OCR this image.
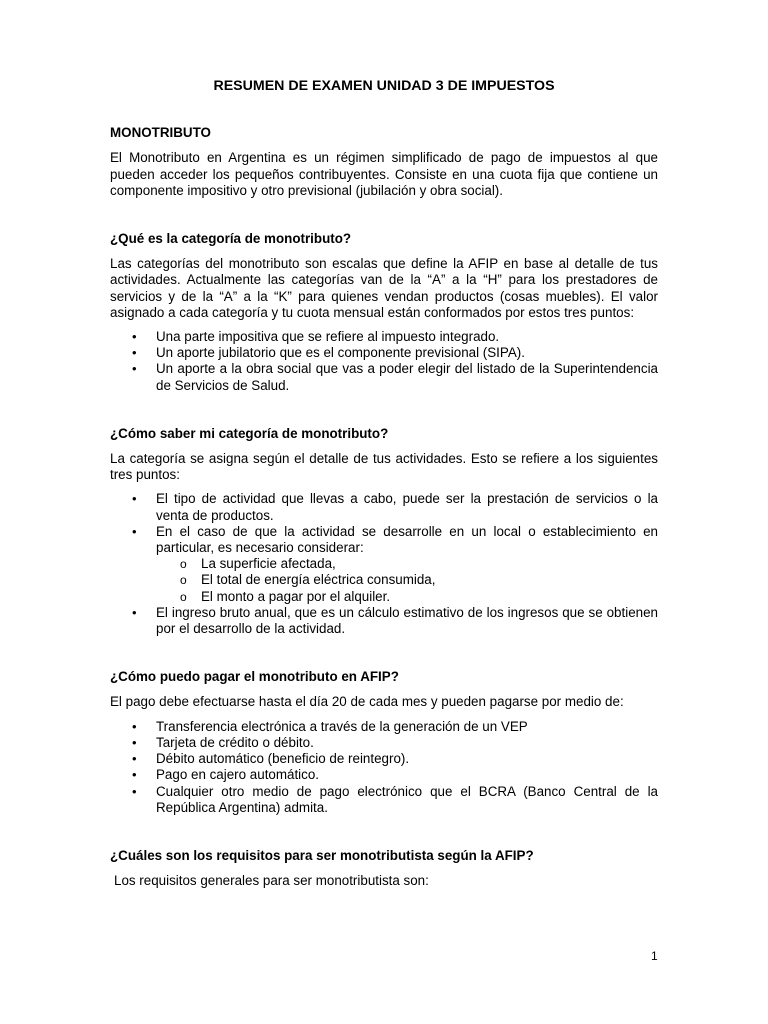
RESUMEN DE EXAMEN UNIDAD 3 DE IMPUESTOS
MONOTRIBUTO

El Monotributo en Argentina es un régimen simplificado de pago de impuestos al que pueden acceder los pequeños contribuyentes. Consiste en una cuota fija que contiene un componente impositivo y otro previsional (jubilación y obra social).

¿Qué es la categoría de monotributo?

Las categorías del monotributo son escalas que define la AFIP en base al detalle de tus actividades. Actualmente las categorías van de la “A” a la “H” para los prestadores de servicios y de la “A” a la “K” para quienes vendan productos (cosas muebles). El valor asignado a cada categoría y tu cuota mensual están conformados por estos tres puntos:

• Una parte impositiva que se refiere al impuesto integrado.
• Un aporte jubilatorio que es el componente previsional (SIPA).
• Un aporte a la obra social que vas a poder elegir del listado de la Superintendencia de Servicios de Salud.
¿Cómo saber mi categoría de monotributo?

La categoría se asigna según el detalle de tus actividades. Esto se refiere a los siguientes tres puntos:

• El tipo de actividad que llevas a cabo, puede ser la prestación de servicios o la venta de productos.
• En el caso de que la actividad se desarrolle en un local o establecimiento en particular, es necesario considerar:
o La superficie afectada,
o El total de energía eléctrica consumida,
o El monto a pagar por el alquiler.
• El ingreso bruto anual, que es un cálculo estimativo de los ingresos que se obtienen por el desarrollo de la actividad.
¿Cómo puedo pagar el monotributo en AFIP?

El pago debe efectuarse hasta el día 20 de cada mes y pueden pagarse por medio de:

• Transferencia electrónica a través de la generación de un VEP
• Tarjeta de crédito o débito.
• Débito automático (beneficio de reintegro).
• Pago en cajero automático.
• Cualquier otro medio de pago electrónico que el BCRA (Banco Central de la República Argentina) admita.
¿Cuáles son los requisitos para ser monotributista según la AFIP?

Los requisitos generales para ser monotributista son:

1
